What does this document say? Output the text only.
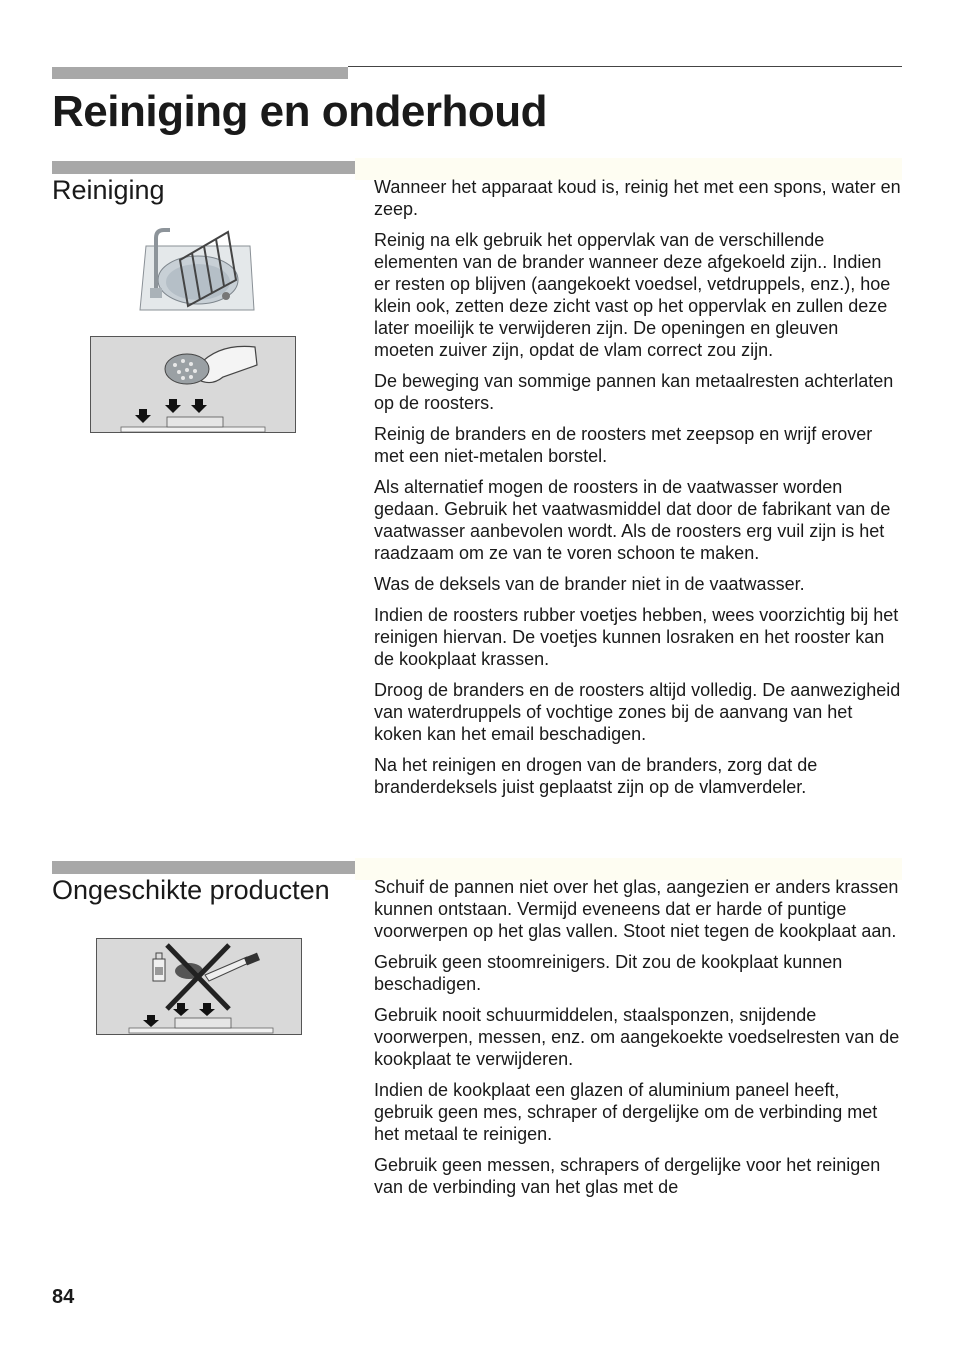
Reiniging en onderhoud
Reiniging	Wanneer het apparaat koud is, reinig het met een spons, water en zeep.

Reinig na elk gebruik het oppervlak van de verschillende elementen van de brander wanneer deze afgekoeld zijn.. Indien er resten op blijven (aangekoekt voedsel, vetdruppels, enz.), hoe klein ook, zetten deze zicht vast op het oppervlak en zullen deze later moeilijk te verwijderen zijn. De openingen en gleuven moeten zuiver zijn, opdat de vlam correct zou zijn.

De beweging van sommige pannen kan metaalresten achterlaten op de roosters.

Reinig de branders en de roosters met zeepsop en wrijf erover met een niet-metalen borstel.

Als alternatief mogen de roosters in de vaatwasser worden gedaan. Gebruik het vaatwasmiddel dat door de fabrikant van de vaatwasser aanbevolen wordt. Als de roosters erg vuil zijn is het raadzaam om ze van te voren schoon te maken.

Was de deksels van de brander niet in de vaatwasser.

Indien de roosters rubber voetjes hebben, wees voorzichtig bij het reinigen hiervan. De voetjes kunnen losraken en het rooster kan de kookplaat krassen.

Droog de branders en de roosters altijd volledig. De aanwezigheid van waterdruppels of vochtige zones bij de aanvang van het koken kan het email beschadigen.

Na het reinigen en drogen van de branders, zorg dat de branderdeksels juist geplaatst zijn op de vlamverdeler.

Ongeschikte producten	Schuif de pannen niet over het glas, aangezien er anders krassen kunnen ontstaan. Vermijd eveneens dat er harde of puntige voorwerpen op het glas vallen. Stoot niet tegen de kookplaat aan.

Gebruik geen stoomreinigers. Dit zou de kookplaat kunnen beschadigen.

Gebruik nooit schuurmiddelen, staalsponzen, snijdende voorwerpen, messen, enz. om aangekoekte voedselresten van de kookplaat te verwijderen.

Indien de kookplaat een glazen of aluminium paneel heeft, gebruik geen mes, schraper of dergelijke om de verbinding met het metaal te reinigen.

Gebruik geen messen, schrapers of dergelijke voor het reinigen van de verbinding van het glas met de

84
